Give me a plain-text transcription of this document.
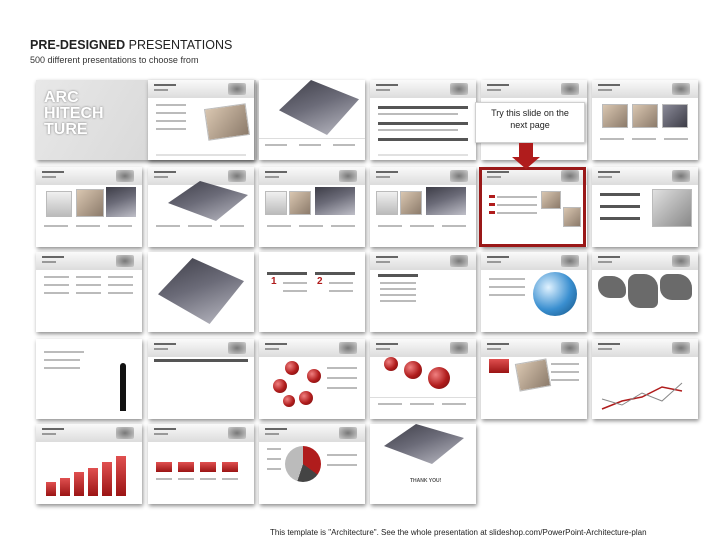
PRE-DESIGNED PRESENTATIONS
500 different presentations to choose from
ARC
HITECH
TURE
1	2
THANK YOU!
Try this slide on the
next page
This template is "Architecture". See the whole presentation at slideshop.com/PowerPoint-Architecture-plan
